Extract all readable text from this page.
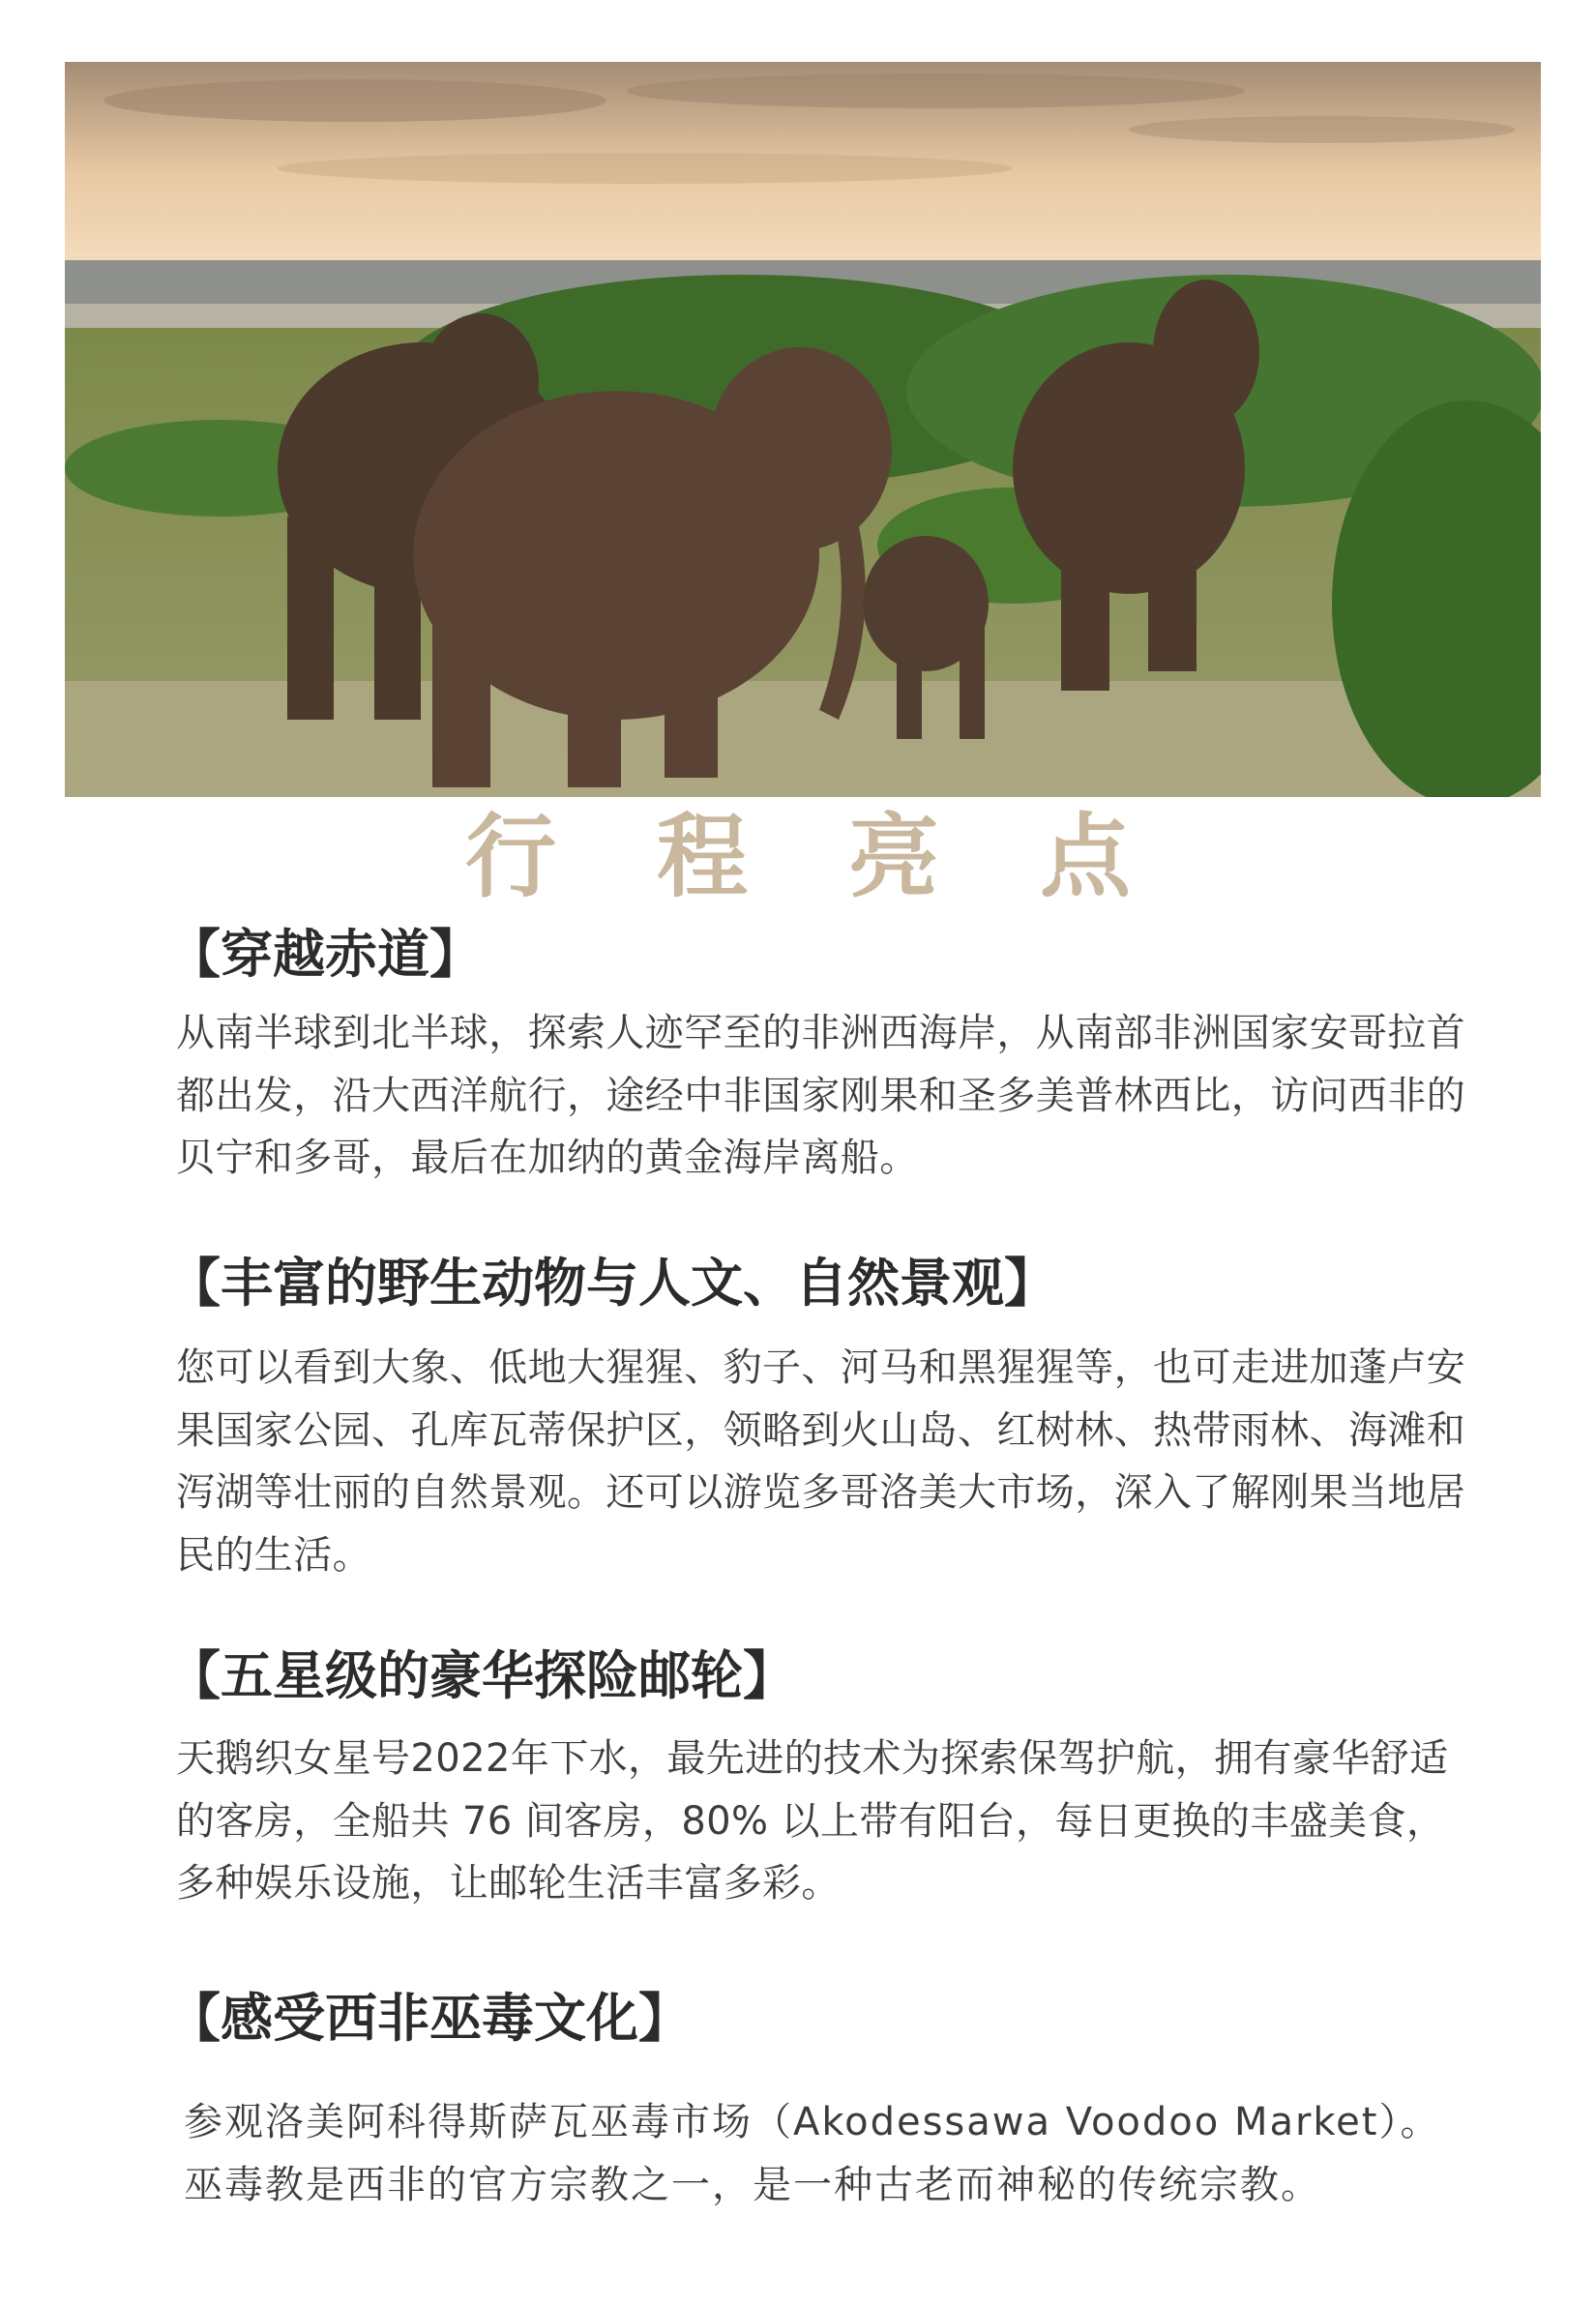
行程亮点
【穿越赤道】

从南半球到北半球，探索人迹罕至的非洲西海岸，从南部非洲国家安哥拉首都出发，沿大西洋航行，途经中非国家刚果和圣多美普林西比，访问西非的贝宁和多哥，最后在加纳的黄金海岸离船。

【丰富的野生动物与人文、自然景观】

您可以看到大象、低地大猩猩、豹子、河马和黑猩猩等，也可走进加蓬卢安果国家公园、孔库瓦蒂保护区，领略到火山岛、红树林、热带雨林、海滩和泻湖等壮丽的自然景观。还可以游览多哥洛美大市场，深入了解刚果当地居民的生活。

【五星级的豪华探险邮轮】

天鹅织女星号2022年下水，最先进的技术为探索保驾护航，拥有豪华舒适的客房，全船共 76 间客房，80% 以上带有阳台，每日更换的丰盛美食，多种娱乐设施，让邮轮生活丰富多彩。

【感受西非巫毒文化】

参观洛美阿科得斯萨瓦巫毒市场（Akodessawa Voodoo Market）。巫毒教是西非的官方宗教之一，是一种古老而神秘的传统宗教。
